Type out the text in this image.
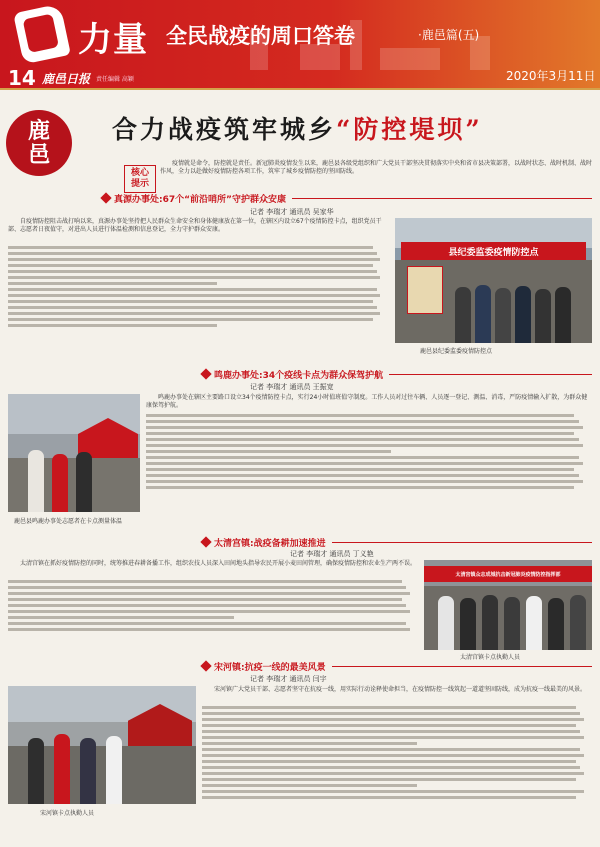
力量 全民战疫的周口答卷	·鹿邑篇(五)
14 鹿邑日报 责任编辑 高颖	2020年3月11日
鹿
邑
合力战疫筑牢城乡“防控堤坝”
核心提示

疫情就是命令，防控就是责任。新冠肺炎疫情发生以来，鹿邑县各级党组织和广大党员干部坚决贯彻落实中央和省市县决策部署，以战时状态、战时机制、战时作风，全力以赴做好疫情防控各项工作，筑牢了城乡疫情防控的坚固防线。

真源办事处:67个“前沿哨所”守护群众安康
记者 李瑞才 通讯员 吴家华

自疫情防控阻击战打响以来，真源办事处坚持把人民群众生命安全和身体健康放在第一位，在辖区内设立67个疫情防控卡点，组织党员干部、志愿者日夜值守，对进出人员进行体温检测和信息登记，全力守护群众安康。

县纪委监委疫情防控点
鹿邑县纪委监委疫情防控点
鸣鹿办事处:34个疫线卡点为群众保驾护航
记者 李瑞才 通讯员 王振宽
鹿邑县鸣鹿办事处志愿者在卡点测量体温

鸣鹿办事处在辖区主要路口设立34个疫情防控卡点，实行24小时值班值守制度。工作人员对过往车辆、人员逐一登记、测温、消毒，严防疫情输入扩散，为群众健康保驾护航。

太清宫镇:战疫备耕加速推进
记者 李瑞才 通讯员 丁义艳

太清宫镇在抓好疫情防控的同时，统筹推进春耕备播工作，组织农技人员深入田间地头指导农民开展小麦田间管理，确保疫情防控和农业生产两不误。

太清宫镇众志成城抗击新冠肺炎疫情防控指挥部
太清宫镇卡点执勤人员
宋河镇:抗疫一线的最美风景
记者 李瑞才 通讯员 闫宇
宋河镇卡点执勤人员

宋河镇广大党员干部、志愿者坚守在抗疫一线，用实际行动诠释使命担当，在疫情防控一线筑起一道道坚固防线，成为抗疫一线最美的风景。
